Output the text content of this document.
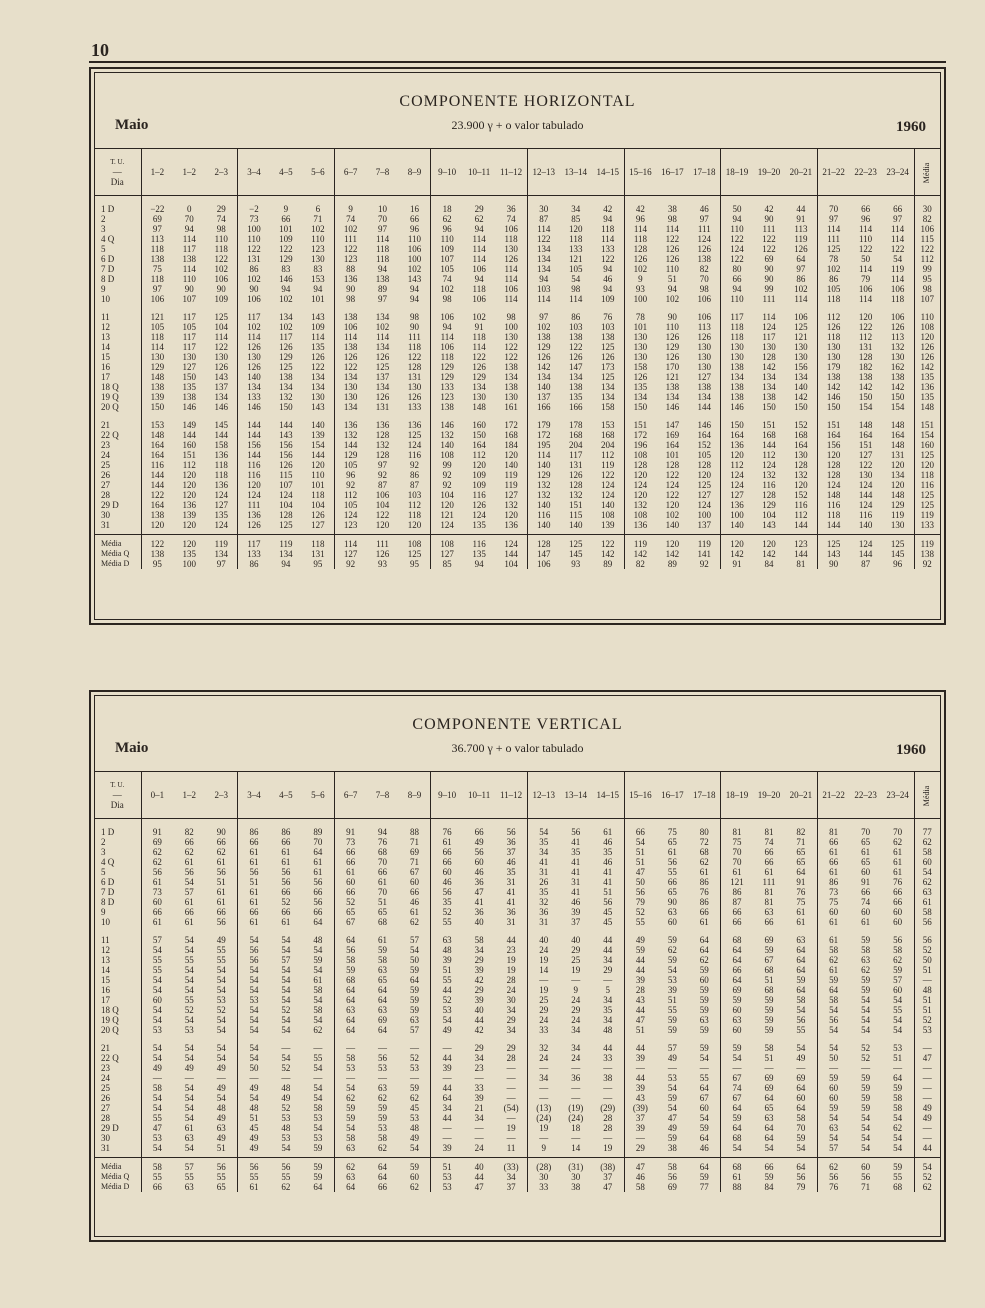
10
COMPONENTE HORIZONTAL
23.900 γ + o valor tabulado
Maio	1960
T. U.
—
Dia	1–2	1–2	2–3	3–4	4–5	5–6	6–7	7–8	8–9	9–10	10–11	11–12	12–13	13–14	14–15	15–16	16–17	17–18	18–19	19–20	20–21	21–22	22–23	23–24	Média

1 D	−22	0	29	−2	9	6	9	10	16	18	29	36	30	34	42	42	38	46	50	42	44	70	66	66	30
2	69	70	74	73	66	71	74	70	66	62	62	74	87	85	94	96	98	97	94	90	91	97	96	97	82
3	97	94	98	100	101	102	102	97	96	96	94	106	114	120	118	114	114	111	110	111	113	114	114	114	106
4 Q	113	114	110	110	109	110	111	114	110	110	114	118	122	118	114	118	122	124	122	122	119	111	110	114	115
5	118	117	118	122	122	123	122	118	106	109	114	130	134	133	133	128	126	126	124	122	126	125	122	122	122
6 D	138	138	122	131	129	130	123	118	100	107	114	126	134	121	122	126	126	138	122	69	64	78	50	54	112
7 D	75	114	102	86	83	83	88	94	102	105	106	114	134	105	94	102	110	82	80	90	97	102	114	119	99
8 D	118	110	106	102	146	153	136	138	143	74	94	114	94	54	46	9	51	70	66	90	86	86	79	114	95
9	97	90	90	90	94	94	90	89	94	102	118	106	103	98	94	93	94	98	94	99	102	105	106	106	98
10	106	107	109	106	102	101	98	97	94	98	106	114	114	114	109	100	102	106	110	111	114	118	114	118	107

11	121	117	125	117	134	143	138	134	98	106	102	98	97	86	76	78	90	106	117	114	106	112	120	106	110
12	105	105	104	102	102	109	106	102	90	94	91	100	102	103	103	101	110	113	118	124	125	126	122	126	108
13	118	117	114	114	117	114	114	114	111	114	118	130	138	138	138	130	126	126	118	117	121	118	112	113	120
14	114	117	122	126	126	135	138	134	118	106	114	122	129	122	125	130	129	130	130	130	130	130	131	132	126
15	130	130	130	130	129	126	126	126	122	118	122	122	126	126	126	130	126	130	130	128	130	130	128	130	126
16	129	127	126	126	125	122	122	125	128	129	126	138	142	147	173	158	170	130	138	142	156	179	182	162	142
17	148	150	143	140	138	134	134	137	131	129	129	134	134	134	125	126	121	127	134	134	134	138	138	138	135
18 Q	138	135	137	134	134	134	130	134	130	133	134	138	140	138	134	135	138	138	138	134	140	142	142	142	136
19 Q	139	138	134	133	132	130	130	126	126	123	130	130	137	135	134	134	134	134	138	138	142	146	150	150	135
20 Q	150	146	146	146	150	143	134	131	133	138	148	161	166	166	158	150	146	144	146	150	150	150	154	154	148

21	153	149	145	144	144	140	136	136	136	146	160	172	179	178	153	151	147	146	150	151	152	151	148	148	151
22 Q	148	144	144	144	143	139	132	128	125	132	150	168	172	168	168	172	169	164	164	168	168	164	164	164	154
23	164	160	158	156	156	154	144	132	124	140	164	184	195	204	204	196	164	152	136	144	164	156	151	148	160
24	164	151	136	144	156	144	129	128	116	108	112	120	114	117	112	108	101	105	120	112	130	120	127	131	125
25	116	112	118	116	126	120	105	97	92	99	120	140	140	131	119	128	128	128	112	124	128	128	122	120	120
26	144	120	118	116	115	110	96	92	86	92	109	119	129	126	122	120	122	120	124	132	132	128	130	134	118
27	144	120	136	120	107	101	92	87	87	92	109	119	132	128	124	124	124	125	124	116	120	124	124	120	116
28	122	120	124	124	124	118	112	106	103	104	116	127	132	132	124	120	122	127	127	128	152	148	144	148	125
29 D	164	136	127	111	104	104	105	104	112	120	126	132	140	151	140	132	120	124	136	129	116	116	124	129	125
30	138	139	135	136	128	126	124	122	118	121	124	120	116	115	108	108	102	100	100	104	112	118	116	119	119
31	120	120	124	126	125	127	123	120	120	124	135	136	140	140	139	136	140	137	140	143	144	144	140	130	133

Média	122	120	119	117	119	118	114	111	108	108	116	124	128	125	122	119	120	119	120	120	123	125	124	125	119
Média Q	138	135	134	133	134	131	127	126	125	127	135	144	147	145	142	142	142	141	142	142	144	143	144	145	138
Média D	95	100	97	86	94	95	92	93	95	85	94	104	106	93	89	82	89	92	91	84	81	90	87	96	92
COMPONENTE VERTICAL
36.700 γ + o valor tabulado
Maio	1960
T. U.
—
Dia	0–1	1–2	2–3	3–4	4–5	5–6	6–7	7–8	8–9	9–10	10–11	11–12	12–13	13–14	14–15	15–16	16–17	17–18	18–19	19–20	20–21	21–22	22–23	23–24	Média

1 D	91	82	90	86	86	89	91	94	88	76	66	56	54	56	61	66	75	80	81	81	82	81	70	70	77
2	69	66	66	66	66	70	73	76	71	61	49	36	35	41	46	54	65	72	75	74	71	66	65	62	62
3	62	62	62	61	61	64	66	68	69	66	56	37	34	35	35	51	61	68	70	66	65	61	61	61	58
4 Q	62	61	61	61	61	61	66	70	71	66	60	46	41	41	46	51	56	62	70	66	65	66	65	61	60
5	56	56	56	56	56	61	61	66	67	60	46	35	31	41	41	47	55	61	61	61	64	61	60	61	54
6 D	61	54	51	51	56	56	60	61	60	46	36	31	26	31	41	50	66	86	121	111	91	86	91	76	62
7 D	73	57	61	61	66	66	66	70	66	56	47	41	35	41	51	56	65	76	86	81	76	73	66	66	63
8 D	60	61	61	61	52	56	52	51	46	35	41	41	32	46	56	79	90	86	87	81	75	75	74	66	61
9	66	66	66	66	66	66	65	65	61	52	36	36	36	39	45	52	63	66	66	63	61	60	60	60	58
10	61	61	56	61	61	64	67	68	62	55	40	31	31	37	45	55	60	61	66	66	61	61	61	60	56

11	57	54	49	54	54	48	64	61	57	63	58	44	40	40	44	49	59	64	68	69	63	61	59	56	56
12	54	54	55	56	54	54	56	59	54	48	34	23	24	29	44	59	62	64	64	59	64	58	58	58	52
13	55	55	55	56	57	59	58	58	50	39	29	19	19	25	34	44	59	62	64	67	64	62	63	62	50
14	55	54	54	54	54	54	59	63	59	51	39	19	14	19	29	44	54	59	66	68	64	61	62	59	51
15	54	54	54	54	54	61	68	65	64	55	42	28	—	—	—	39	53	60	64	51	59	59	59	57	—
16	54	54	54	54	54	58	64	64	59	44	29	24	19	9	5	28	39	59	69	68	64	64	59	60	48
17	60	55	53	53	54	54	64	64	59	52	39	30	25	24	34	43	51	59	59	59	58	58	54	54	51
18 Q	54	52	52	54	52	58	63	63	59	53	40	34	29	29	35	44	55	59	60	59	54	54	54	55	51
19 Q	54	54	54	54	54	54	64	69	63	54	44	29	24	24	34	47	59	63	63	59	56	56	54	54	52
20 Q	53	53	54	54	54	62	64	64	57	49	42	34	33	34	48	51	59	59	60	59	55	54	54	54	53

21	54	54	54	54	—	—	—	—	—	—	29	29	32	34	44	44	57	59	59	58	54	54	52	53	—
22 Q	54	54	54	54	54	55	58	56	52	44	34	28	24	24	33	39	49	54	54	51	49	50	52	51	47
23	49	49	49	50	52	54	53	53	53	39	23	—	—	—	—	—	—	—	—	—	—	—	—	—	—
24	—	—	—	—	—	—	—	—	—	—	—	—	34	36	38	44	53	55	67	69	69	59	59	64	—
25	58	54	49	49	48	54	54	63	59	44	33	—	—	—	—	39	54	64	74	69	64	60	59	59	—
26	54	54	54	54	49	54	62	62	62	64	39	—	—	—	—	43	59	67	67	64	60	60	59	58	—
27	54	54	48	48	52	58	59	59	45	34	21	(54)	(13)	(19)	(29)	(39)	54	60	64	65	64	59	59	58	49
28	55	54	49	51	53	53	59	59	53	44	34	—	(24)	(24)	28	37	47	54	59	63	58	54	54	54	49
29 D	47	61	63	45	48	54	54	53	48	—	—	19	19	18	28	39	49	59	64	64	70	63	54	62	—
30	53	63	49	49	53	53	58	58	49	—	—	—	—	—	—	—	59	64	68	64	59	54	54	54	—
31	54	54	51	49	54	59	63	62	54	39	24	11	9	14	19	29	38	46	54	54	54	57	54	54	44

Média	58	57	56	56	56	59	62	64	59	51	40	(33)	(28)	(31)	(38)	47	58	64	68	66	64	62	60	59	54
Média Q	55	55	55	55	55	59	63	64	60	53	44	34	30	30	37	46	56	59	61	59	56	56	56	55	52
Média D	66	63	65	61	62	64	64	66	62	53	47	37	33	38	47	58	69	77	88	84	79	76	71	68	62
